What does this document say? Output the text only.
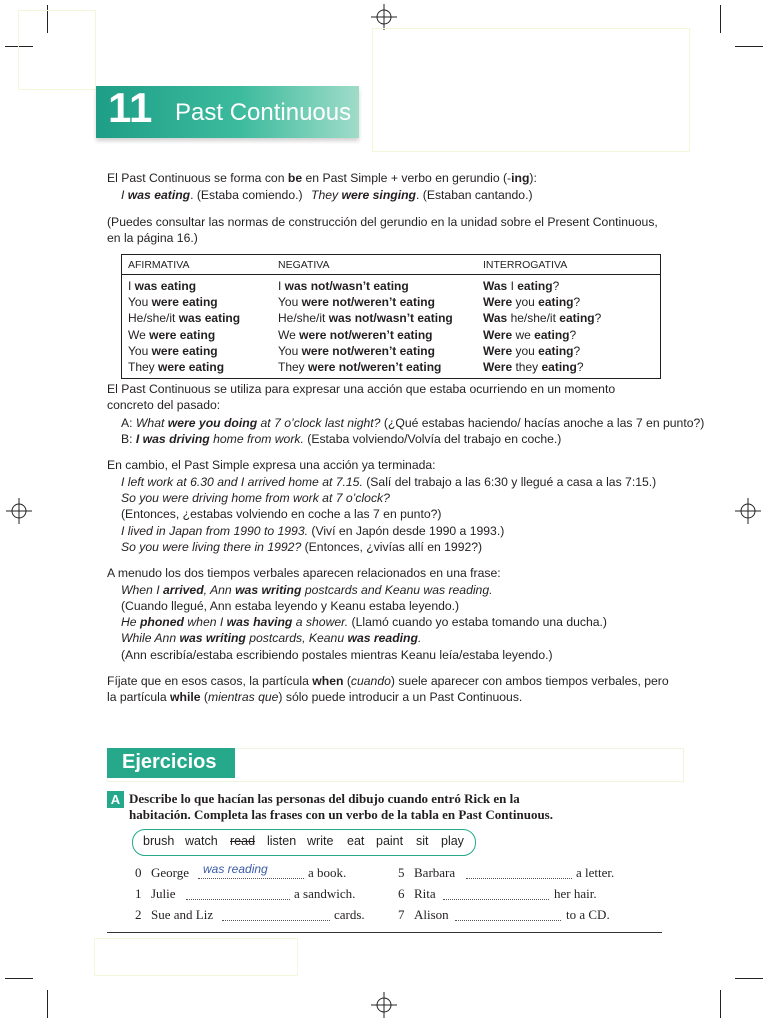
11 Past Continuous
El Past Continuous se forma con be en Past Simple + verbo en gerundio (-ing):
I was eating. (Estaba comiendo.) They were singing. (Estaban cantando.)
(Puedes consultar las normas de construcción del gerundio en la unidad sobre el Present Continuous,
en la página 16.)
AFIRMATIVA	NEGATIVA	INTERROGATIVA
I was eating	I was not/wasn’t eating	Was I eating?
You were eating	You were not/weren’t eating	Were you eating?
He/she/it was eating	He/she/it was not/wasn’t eating	Was he/she/it eating?
We were eating	We were not/weren’t eating	Were we eating?
You were eating	You were not/weren’t eating	Were you eating?
They were eating	They were not/weren’t eating	Were they eating?
El Past Continuous se utiliza para expresar una acción que estaba ocurriendo en un momento
concreto del pasado:
A: What were you doing at 7 o’clock last night? (¿Qué estabas haciendo/ hacías anoche a las 7 en punto?)
B: I was driving home from work. (Estaba volviendo/Volvía del trabajo en coche.)
En cambio, el Past Simple expresa una acción ya terminada:
I left work at 6.30 and I arrived home at 7.15. (Salí del trabajo a las 6:30 y llegué a casa a las 7:15.)
So you were driving home from work at 7 o’clock?
(Entonces, ¿estabas volviendo en coche a las 7 en punto?)
I lived in Japan from 1990 to 1993. (Viví en Japón desde 1990 a 1993.)
So you were living there in 1992? (Entonces, ¿vivías allí en 1992?)
A menudo los dos tiempos verbales aparecen relacionados en una frase:
When I arrived, Ann was writing postcards and Keanu was reading.
(Cuando llegué, Ann estaba leyendo y Keanu estaba leyendo.)
He phoned when I was having a shower. (Llamó cuando yo estaba tomando una ducha.)
While Ann was writing postcards, Keanu was reading.
(Ann escribía/estaba escribiendo postales mientras Keanu leía/estaba leyendo.)
Fíjate que en esos casos, la partícula when (cuando) suele aparecer con ambos tiempos verbales, pero
la partícula while (mientras que) sólo puede introducir a un Past Continuous.
Ejercicios
A Describe lo que hacían las personas del dibujo cuando entró Rick en la
habitación. Completa las frases con un verbo de la tabla en Past Continuous.
brush watch read listen write eat paint sit play
0 George was reading	a book.
1 Julie	a sandwich.
2 Sue and Liz	cards.
5 Barbara	a letter.
6 Rita	her hair.
7 Alison	to a CD.
